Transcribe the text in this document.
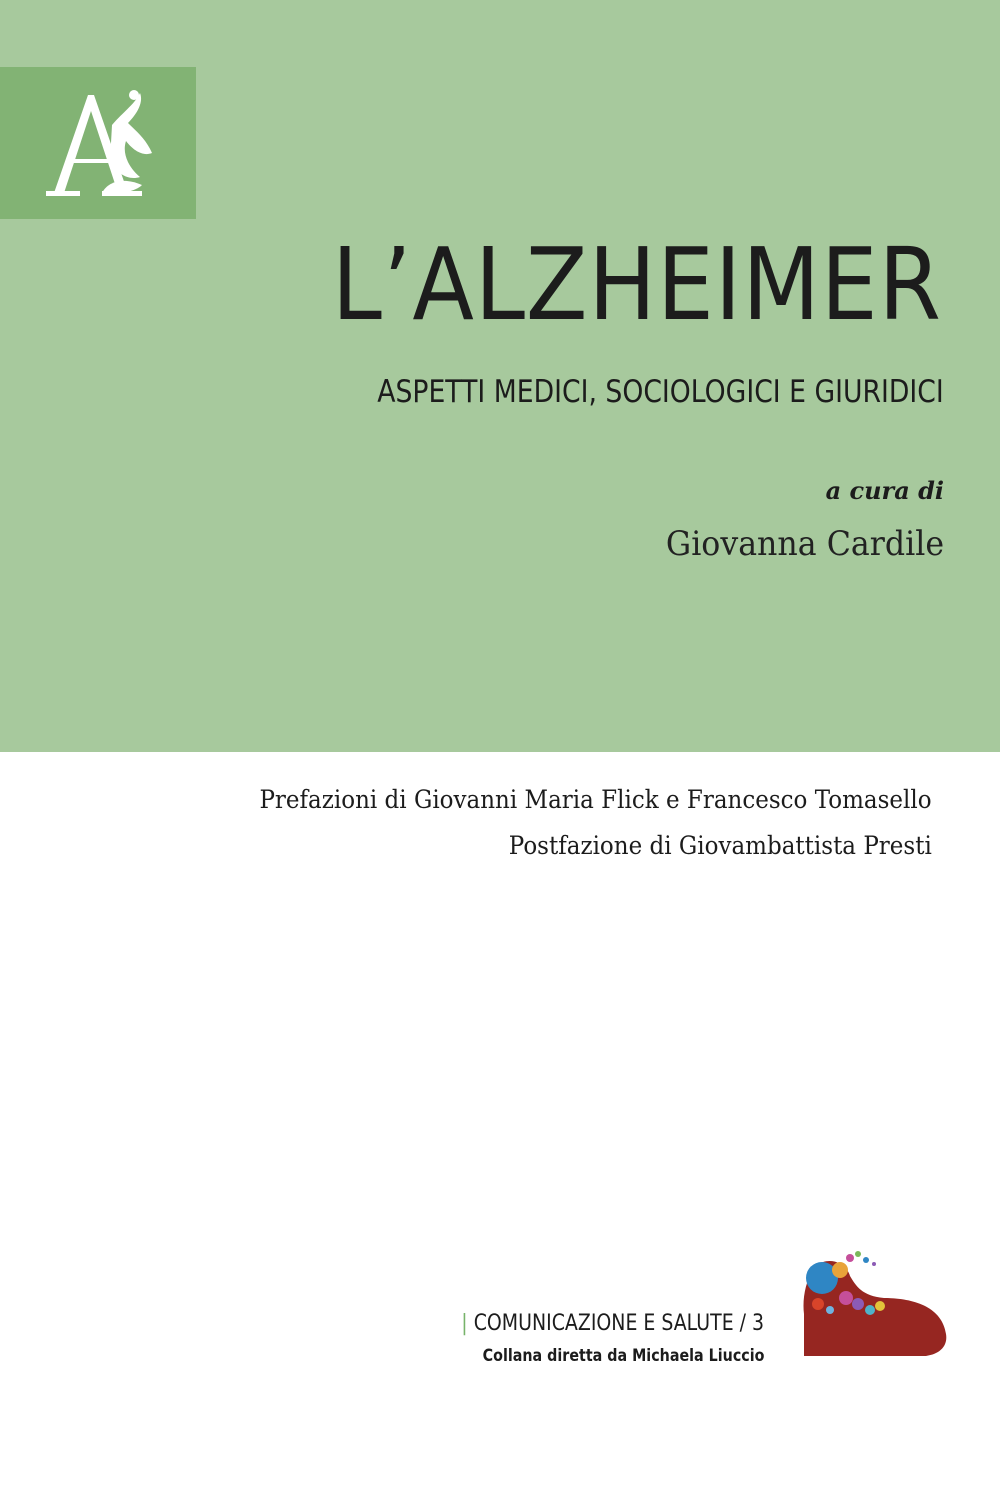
L’ALZHEIMER
ASPETTI MEDICI, SOCIOLOGICI E GIURIDICI
a cura di
Giovanna Cardile
Prefazioni di Giovanni Maria Flick e Francesco Tomasello
Postfazione di Giovambattista Presti
| COMUNICAZIONE E SALUTE / 3
Collana diretta da Michaela Liuccio
